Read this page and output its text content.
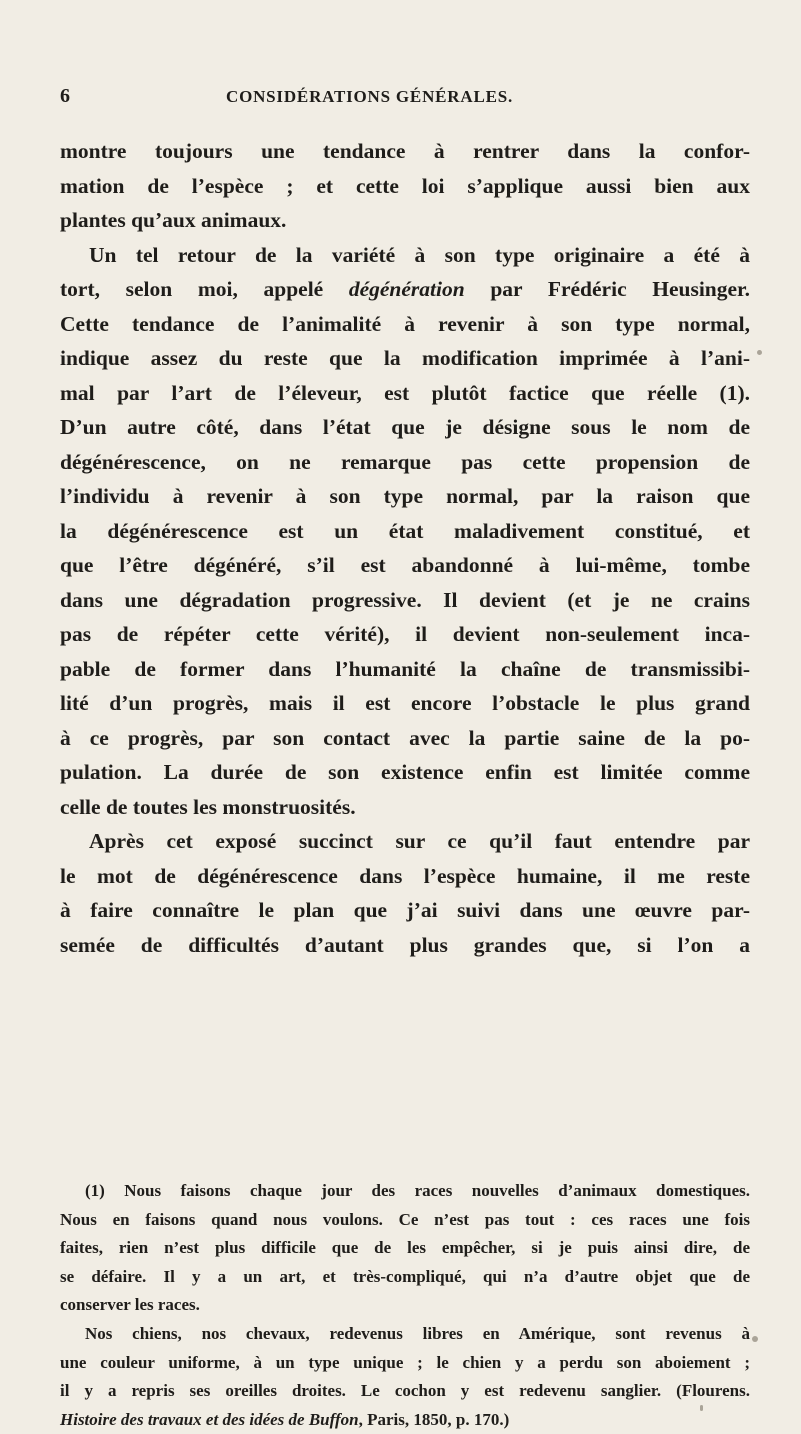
6	CONSIDÉRATIONS GÉNÉRALES.
montre toujours une tendance à rentrer dans la confor-
mation de l’espèce ; et cette loi s’applique aussi bien aux
plantes qu’aux animaux.
Un tel retour de la variété à son type originaire a été à
tort, selon moi, appelé dégénération par Frédéric Heusinger.
Cette tendance de l’animalité à revenir à son type normal,
indique assez du reste que la modification imprimée à l’ani-
mal par l’art de l’éleveur, est plutôt factice que réelle (1).
D’un autre côté, dans l’état que je désigne sous le nom de
dégénérescence, on ne remarque pas cette propension de
l’individu à revenir à son type normal, par la raison que
la dégénérescence est un état maladivement constitué, et
que l’être dégénéré, s’il est abandonné à lui-même, tombe
dans une dégradation progressive. Il devient (et je ne crains
pas de répéter cette vérité), il devient non-seulement inca-
pable de former dans l’humanité la chaîne de transmissibi-
lité d’un progrès, mais il est encore l’obstacle le plus grand
à ce progrès, par son contact avec la partie saine de la po-
pulation. La durée de son existence enfin est limitée comme
celle de toutes les monstruosités.
Après cet exposé succinct sur ce qu’il faut entendre par
le mot de dégénérescence dans l’espèce humaine, il me reste
à faire connaître le plan que j’ai suivi dans une œuvre par-
semée de difficultés d’autant plus grandes que, si l’on a
(1) Nous faisons chaque jour des races nouvelles d’animaux domestiques.
Nous en faisons quand nous voulons. Ce n’est pas tout : ces races une fois
faites, rien n’est plus difficile que de les empêcher, si je puis ainsi dire, de
se défaire. Il y a un art, et très-compliqué, qui n’a d’autre objet que de
conserver les races.
Nos chiens, nos chevaux, redevenus libres en Amérique, sont revenus à
une couleur uniforme, à un type unique ; le chien y a perdu son aboiement ;
il y a repris ses oreilles droites. Le cochon y est redevenu sanglier. (Flourens.
Histoire des travaux et des idées de Buffon, Paris, 1850, p. 170.)
